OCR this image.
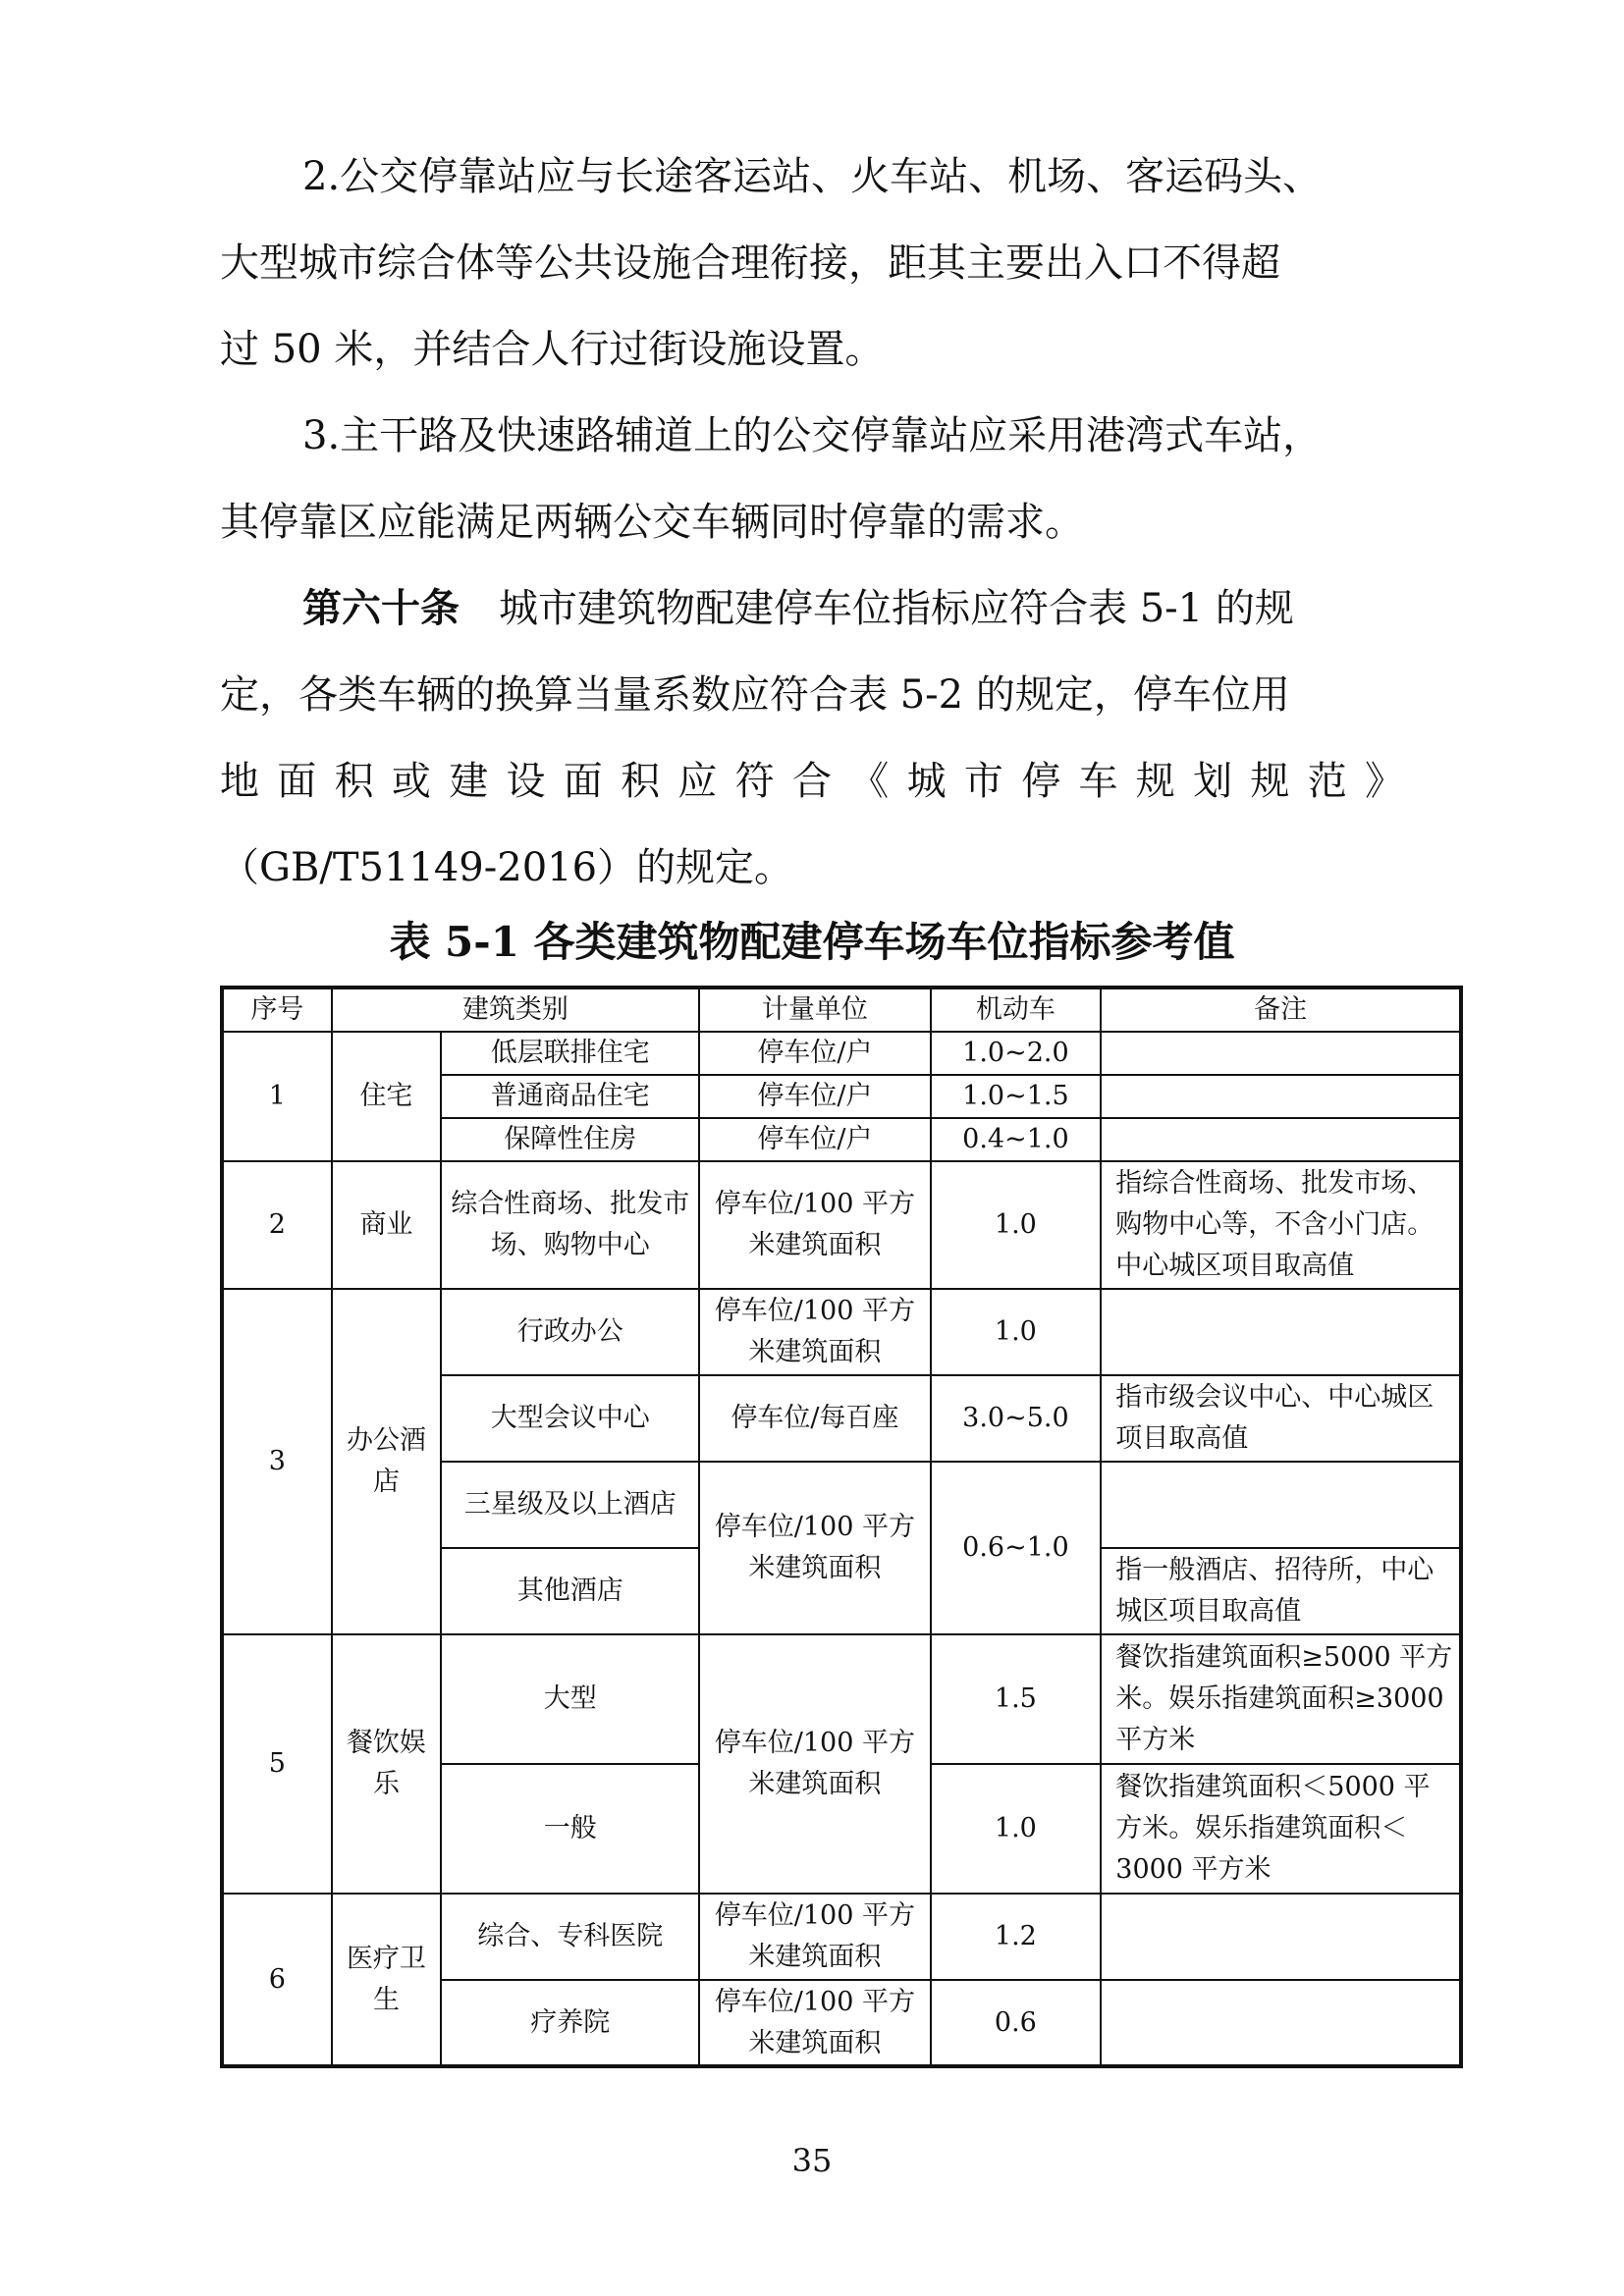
2.公交停靠站应与长途客运站、火车站、机场、客运码头、
大型城市综合体等公共设施合理衔接，距其主要出入口不得超
过 50 米，并结合人行过街设施设置。
3.主干路及快速路辅道上的公交停靠站应采用港湾式车站，
其停靠区应能满足两辆公交车辆同时停靠的需求。
第六十条 城市建筑物配建停车位指标应符合表 5-1 的规
定，各类车辆的换算当量系数应符合表 5-2 的规定，停车位用
地面积或建设面积应符合《城市停车规划规范》
（GB/T51149-2016）的规定。
表 5-1 各类建筑物配建停车场车位指标参考值
序号	建筑类别		计量单位	机动车	备注
1	住宅	低层联排住宅	停车位/户	1.0~2.0	
		普通商品住宅	停车位/户	1.0~1.5	
		保障性住房	停车位/户	0.4~1.0	
2	商业	综合性商场、批发市场、购物中心	停车位/100 平方米建筑面积	1.0	指综合性商场、批发市场、购物中心等，不含小门店。中心城区项目取高值
3	办公酒店	行政办公	停车位/100 平方米建筑面积	1.0	
		大型会议中心	停车位/每百座	3.0~5.0	指市级会议中心、中心城区项目取高值
		三星级及以上酒店	停车位/100 平方米建筑面积	0.6~1.0	
		其他酒店			指一般酒店、招待所，中心城区项目取高值
5	餐饮娱乐	大型	停车位/100 平方米建筑面积	1.5	餐饮指建筑面积≥5000 平方米。娱乐指建筑面积≥3000 平方米
		一般		1.0	餐饮指建筑面积＜5000 平方米。娱乐指建筑面积＜3000 平方米
6	医疗卫生	综合、专科医院	停车位/100 平方米建筑面积	1.2	
		疗养院	停车位/100 平方米建筑面积	0.6	
35
